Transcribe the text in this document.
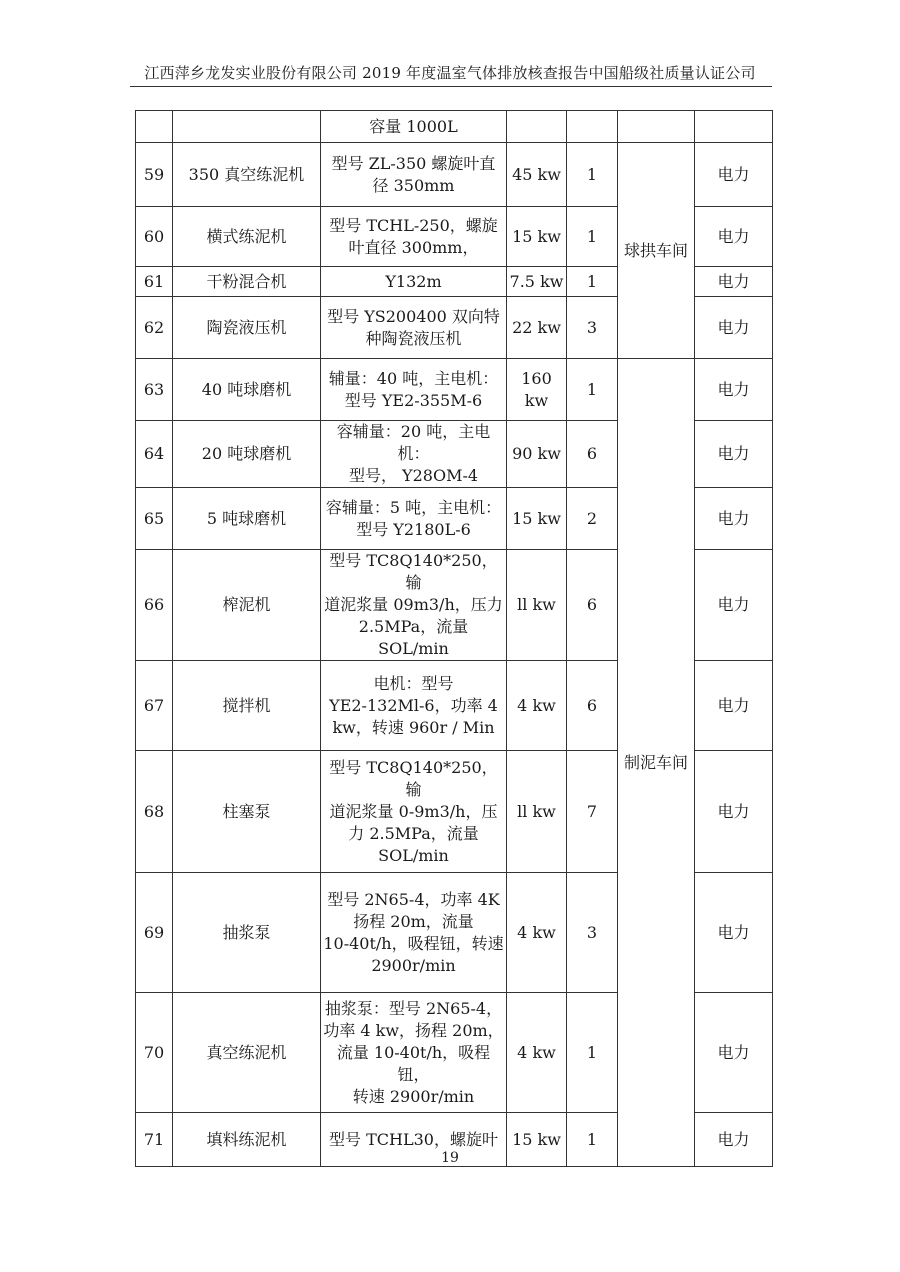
江西萍乡龙发实业股份有限公司 2019 年度温室气体排放核查报告中国船级社质量认证公司

		容量 1000L				

59	350 真空练泥机	型号 ZL-350 螺旋叶直
径 350mm	45 kw	1	球拱车间	电力
60	横式练泥机	型号 TCHL-250，螺旋
叶直径 300mm，	15 kw	1		电力
61	干粉混合机	Y132m	7.5 kw	1		电力
62	陶瓷液压机	型号 YS200400 双向特
种陶瓷液压机	22 kw	3		电力
63	40 吨球磨机	辅量：40 吨，主电机：
型号 YE2-355M-6	160 kw	1	制泥车间	电力
64	20 吨球磨机	容辅量：20 吨，主电机：
型号， Y28OM-4	90 kw	6		电力
65	5 吨球磨机	容辅量：5 吨，主电机：
型号 Y2180L-6	15 kw	2		电力
66	榨泥机	型号 TC8Q140*250，输
道泥浆量 09m3/h，压力
2.5MPa，流量 SOL/min	ll kw	6		电力
67	搅拌机	电机：型号
YE2-132Ml-6，功率 4
kw，转速 960r / Min	4 kw	6		电力
68	柱塞泵	型号 TC8Q140*250，输
道泥浆量 0-9m3/h，压
力 2.5MPa，流量
SOL/min	ll kw	7		电力
69	抽浆泵	型号 2N65-4，功率 4K
扬程 20m，流量
10-40t/h，吸程钮，转速
2900r/min	4 kw	3		电力
70	真空练泥机	抽浆泵：型号 2N65-4，
功率 4 kw，扬程 20m，
流量 10-40t/h，吸程钮，
转速 2900r/min	4 kw	1		电力
71	填料练泥机	型号 TCHL30，螺旋叶	15 kw	1		电力
19
